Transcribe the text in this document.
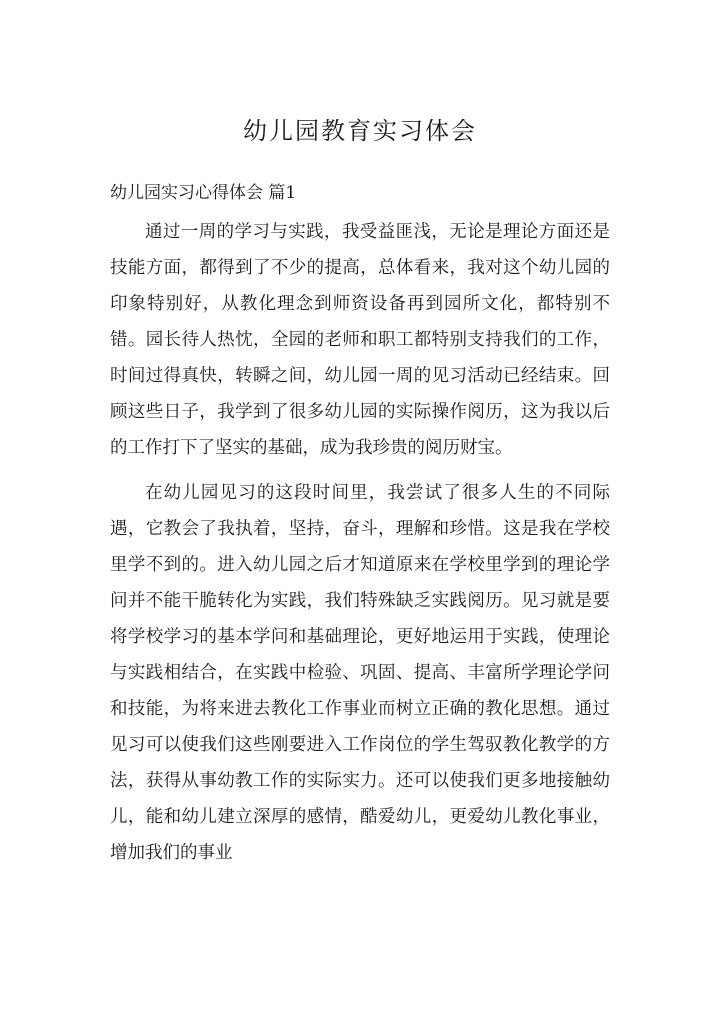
幼儿园教育实习体会

幼儿园实习心得体会 篇1

通过一周的学习与实践，我受益匪浅，无论是理论方面还是技能方面，都得到了不少的提高，总体看来，我对这个幼儿园的印象特别好，从教化理念到师资设备再到园所文化，都特别不错。园长待人热忱，全园的老师和职工都特别支持我们的工作，时间过得真快，转瞬之间，幼儿园一周的见习活动已经结束。回顾这些日子，我学到了很多幼儿园的实际操作阅历，这为我以后的工作打下了坚实的基础，成为我珍贵的阅历财宝。

在幼儿园见习的这段时间里，我尝试了很多人生的不同际遇，它教会了我执着，坚持，奋斗，理解和珍惜。这是我在学校里学不到的。进入幼儿园之后才知道原来在学校里学到的理论学问并不能干脆转化为实践，我们特殊缺乏实践阅历。见习就是要将学校学习的基本学问和基础理论，更好地运用于实践，使理论与实践相结合，在实践中检验、巩固、提高、丰富所学理论学问和技能，为将来进去教化工作事业而树立正确的教化思想。通过见习可以使我们这些刚要进入工作岗位的学生驾驭教化教学的方法，获得从事幼教工作的实际实力。还可以使我们更多地接触幼儿，能和幼儿建立深厚的感情，酷爱幼儿，更爱幼儿教化事业，增加我们的事业
